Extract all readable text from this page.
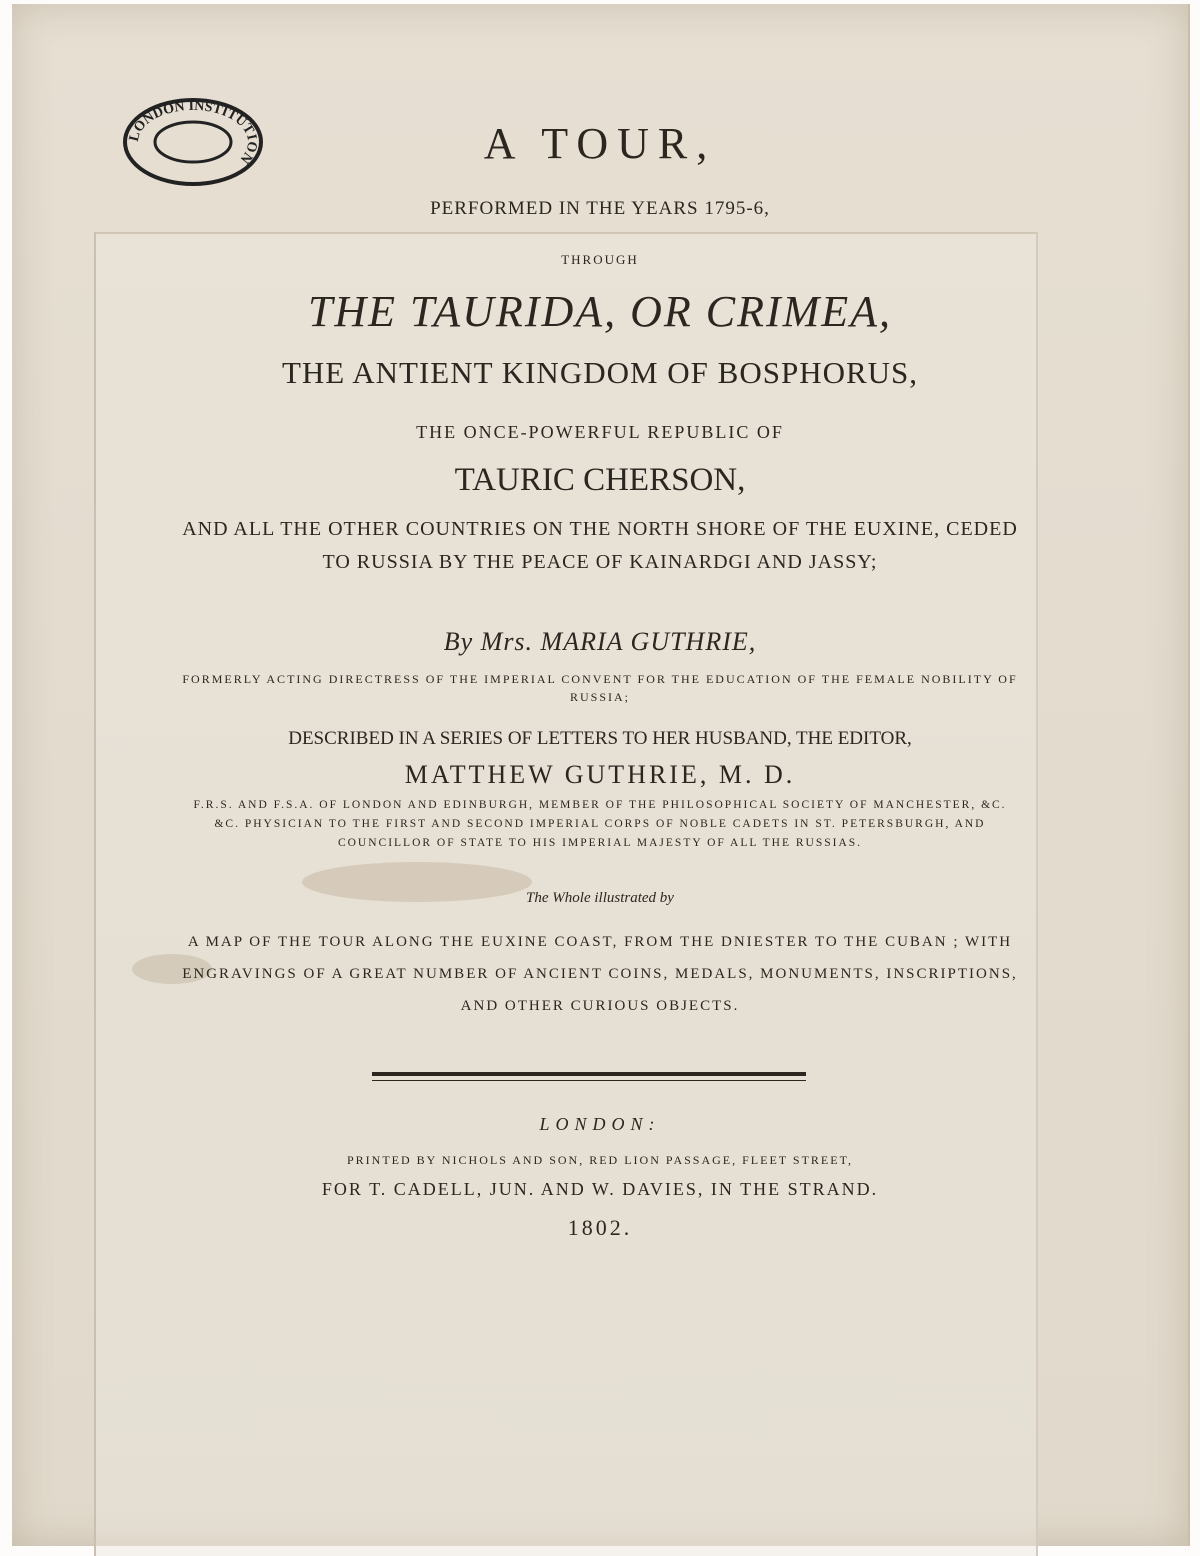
LONDON INSTITUTION	A TOUR,

PERFORMED IN THE YEARS 1795-6,

THROUGH

THE TAURIDA, OR CRIMEA,

THE ANTIENT KINGDOM OF BOSPHORUS,

THE ONCE-POWERFUL REPUBLIC OF

TAURIC CHERSON,

AND ALL THE OTHER COUNTRIES ON THE NORTH SHORE OF THE EUXINE, CEDED TO RUSSIA BY THE PEACE OF KAINARDGI AND JASSY;

By Mrs. MARIA GUTHRIE,

FORMERLY ACTING DIRECTRESS OF THE IMPERIAL CONVENT FOR THE EDUCATION OF THE FEMALE NOBILITY OF RUSSIA;

DESCRIBED IN A SERIES OF LETTERS TO HER HUSBAND, THE EDITOR,

MATTHEW GUTHRIE, M. D.

F.R.S. AND F.S.A. OF LONDON AND EDINBURGH, MEMBER OF THE PHILOSOPHICAL SOCIETY OF MANCHESTER, &C. &C. PHYSICIAN TO THE FIRST AND SECOND IMPERIAL CORPS OF NOBLE CADETS IN ST. PETERSBURGH, AND COUNCILLOR OF STATE TO HIS IMPERIAL MAJESTY OF ALL THE RUSSIAS.

The Whole illustrated by

A MAP OF THE TOUR ALONG THE EUXINE COAST, FROM THE DNIESTER TO THE CUBAN ; WITH ENGRAVINGS OF A GREAT NUMBER OF ANCIENT COINS, MEDALS, MONUMENTS, INSCRIPTIONS, AND OTHER CURIOUS OBJECTS.

LONDON:

PRINTED BY NICHOLS AND SON, RED LION PASSAGE, FLEET STREET,

FOR T. CADELL, JUN. AND W. DAVIES, IN THE STRAND.

1802.
